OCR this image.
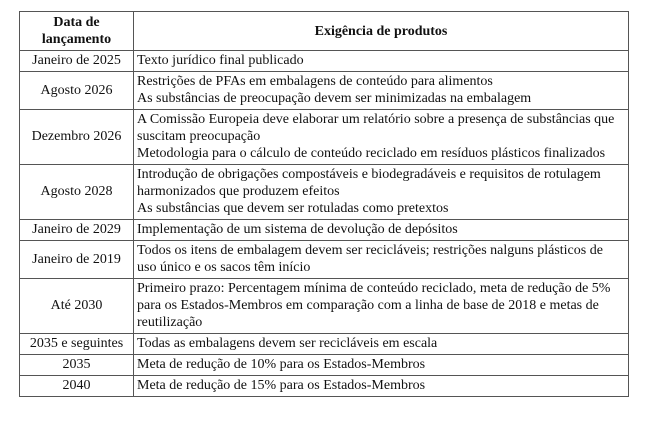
Data de
lançamento	Exigência de produtos
Janeiro de 2025	Texto jurídico final publicado

Agosto 2026	Restrições de PFAs em embalagens de conteúdo para alimentos
As substâncias de preocupação devem ser minimizadas na embalagem

Dezembro 2026	A Comissão Europeia deve elaborar um relatório sobre a presença de substâncias que suscitam preocupação
Metodologia para o cálculo de conteúdo reciclado em resíduos plásticos finalizados

Agosto 2028	Introdução de obrigações compostáveis e biodegradáveis e requisitos de rotulagem harmonizados que produzem efeitos
As substâncias que devem ser rotuladas como pretextos

Janeiro de 2029	Implementação de um sistema de devolução de depósitos

Janeiro de 2019	Todos os itens de embalagem devem ser recicláveis; restrições nalguns plásticos de uso único e os sacos têm início

Até 2030	Primeiro prazo: Percentagem mínima de conteúdo reciclado, meta de redução de 5% para os Estados-Membros em comparação com a linha de base de 2018 e metas de reutilização

2035 e seguintes	Todas as embalagens devem ser recicláveis em escala

2035	Meta de redução de 10% para os Estados-Membros

2040	Meta de redução de 15% para os Estados-Membros
